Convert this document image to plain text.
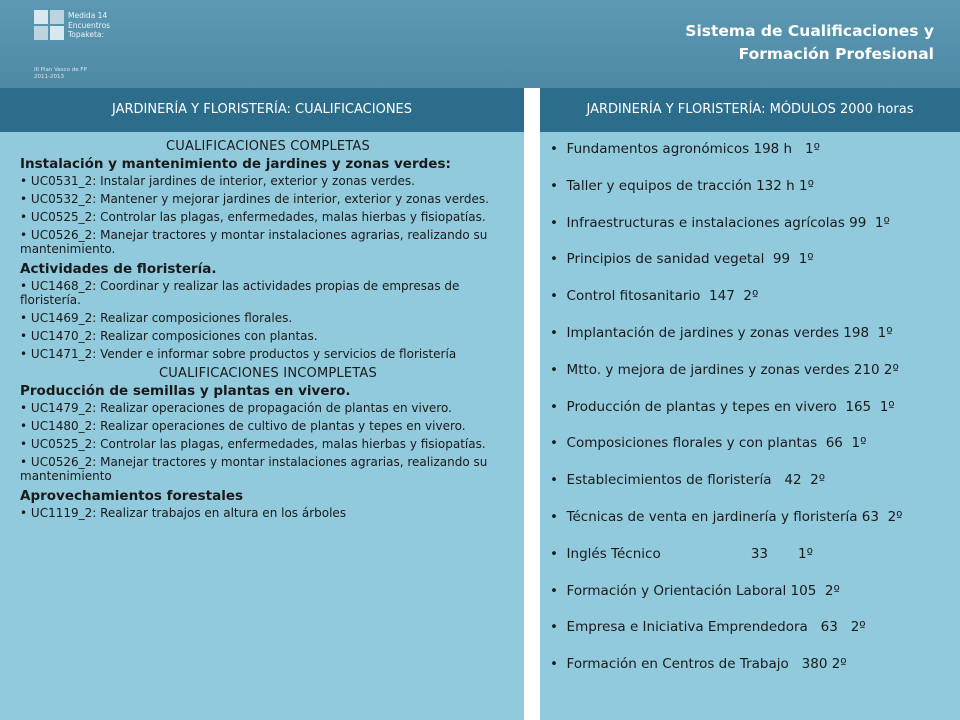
Medida 14
Encuentros
Topaketa:
III Plan Vasco de FP
2011-2013
Sistema de Cualificaciones y
Formación Profesional
JARDINERÍA Y FLORISTERÍA: CUALIFICACIONES	JARDINERÍA Y FLORISTERÍA: MÓDULOS 2000 horas

CUALIFICACIONES COMPLETAS

Instalación y mantenimiento de jardines y zonas verdes:

• UC0531_2: Instalar jardines de interior, exterior y zonas verdes.
• UC0532_2: Mantener y mejorar jardines de interior, exterior y zonas verdes.
• UC0525_2: Controlar las plagas, enfermedades, malas hierbas y fisiopatías.
• UC0526_2: Manejar tractores y montar instalaciones agrarias, realizando su mantenimiento.

Actividades de floristería.

• UC1468_2: Coordinar y realizar las actividades propias de empresas de floristería.
• UC1469_2: Realizar composiciones florales.
• UC1470_2: Realizar composiciones con plantas.
• UC1471_2: Vender e informar sobre productos y servicios de floristería

CUALIFICACIONES INCOMPLETAS

Producción de semillas y plantas en vivero.

• UC1479_2: Realizar operaciones de propagación de plantas en vivero.
• UC1480_2: Realizar operaciones de cultivo de plantas y tepes en vivero.
• UC0525_2: Controlar las plagas, enfermedades, malas hierbas y fisiopatías.
• UC0526_2: Manejar tractores y montar instalaciones agrarias, realizando su mantenimiento

Aprovechamientos forestales

• UC1119_2: Realizar trabajos en altura en los árboles
•  Fundamentos agronómicos 198 h   1º
•  Taller y equipos de tracción 132 h 1º
•  Infraestructuras e instalaciones agrícolas 99  1º
•  Principios de sanidad vegetal  99  1º
•  Control fitosanitario  147  2º
•  Implantación de jardines y zonas verdes 198  1º
•  Mtto. y mejora de jardines y zonas verdes 210 2º
•  Producción de plantas y tepes en vivero  165  1º
•  Composiciones florales y con plantas  66  1º
•  Establecimientos de floristería   42  2º
•  Técnicas de venta en jardinería y floristería 63  2º
•  Inglés Técnico                     33       1º
•  Formación y Orientación Laboral 105  2º
•  Empresa e Iniciativa Emprendedora   63   2º
•  Formación en Centros de Trabajo   380 2º
